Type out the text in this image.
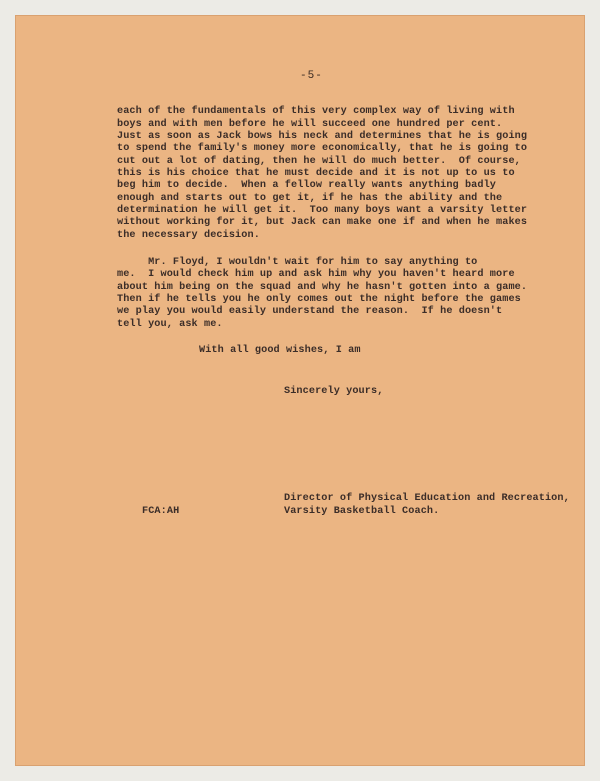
-5-
each of the fundamentals of this very complex way of living with
boys and with men before he will succeed one hundred per cent.
Just as soon as Jack bows his neck and determines that he is going
to spend the family's money more economically, that he is going to
cut out a lot of dating, then he will do much better.  Of course,
this is his choice that he must decide and it is not up to us to
beg him to decide.  When a fellow really wants anything badly
enough and starts out to get it, if he has the ability and the
determination he will get it.  Too many boys want a varsity letter
without working for it, but Jack can make one if and when he makes
the necessary decision.
Mr. Floyd, I wouldn't wait for him to say anything to
me.  I would check him up and ask him why you haven't heard more
about him being on the squad and why he hasn't gotten into a game.
Then if he tells you he only comes out the night before the games
we play you would easily understand the reason.  If he doesn't
tell you, ask me.
With all good wishes, I am
Sincerely yours,
Director of Physical Education and Recreation,
Varsity Basketball Coach.
FCA:AH
